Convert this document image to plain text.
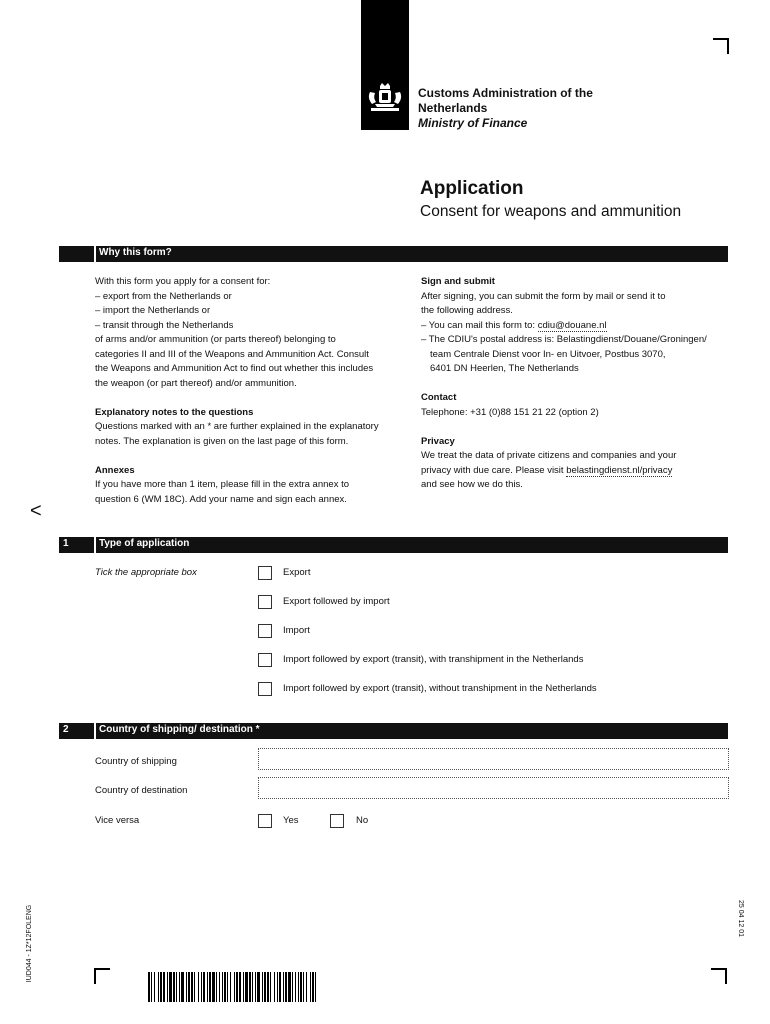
Customs Administration of the
Netherlands
Ministry of Finance
Application
Consent for weapons and ammunition
Why this form?
With this form you apply for a consent for:
– export from the Netherlands or
– import the Netherlands or
– transit through the Netherlands
of arms and/or ammunition (or parts thereof) belonging to
categories II and III of the Weapons and Ammunition Act. Consult
the Weapons and Ammunition Act to find out whether this includes
the weapon (or part thereof) and/or ammunition.
Explanatory notes to the questions
Questions marked with an * are further explained in the explanatory
notes. The explanation is given on the last page of this form.
Annexes
If you have more than 1 item, please fill in the extra annex to
question 6 (WM 18C). Add your name and sign each annex.
Sign and submit
After signing, you can submit the form by mail or send it to
the following address.
– You can mail this form to: cdiu@douane.nl
– The CDIU's postal address is: Belastingdienst/Douane/Groningen/
team Centrale Dienst voor In- en Uitvoer, Postbus 3070,
6401 DN Heerlen, The Netherlands
Contact
Telephone: +31 (0)88 151 21 22 (option 2)
Privacy
We treat the data of private citizens and companies and your
privacy with due care. Please visit belastingdienst.nl/privacy
and see how we do this.
<
1	Type of application
Tick the appropriate box	Export
Export followed by import
Import
Import followed by export (transit), with transhipment in the Netherlands
Import followed by export (transit), without transhipment in the Netherlands
2	Country of shipping/ destination *
Country of shipping
Country of destination
Vice versa	Yes	No
IUD044 - 1Z*12FOLENG	25 04 12 01
